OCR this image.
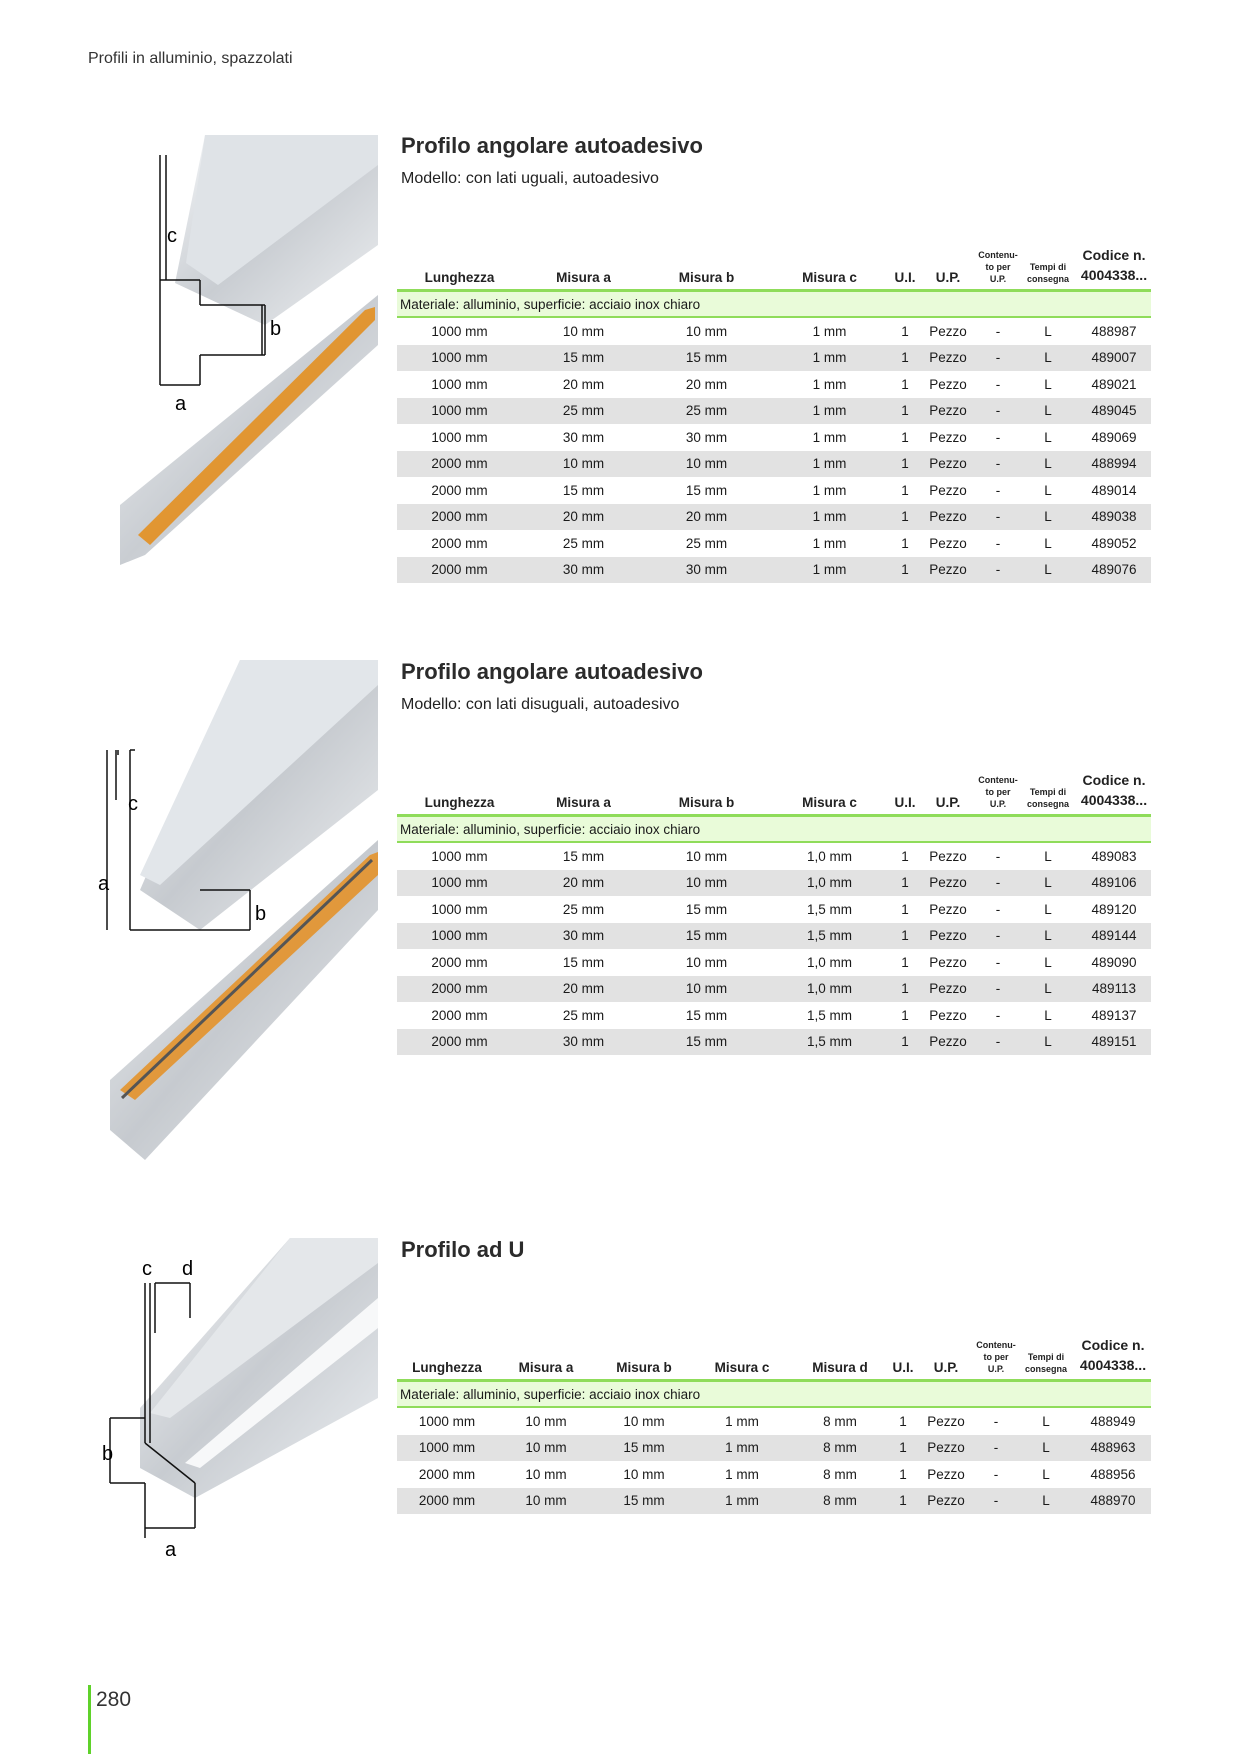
Profili in alluminio, spazzolati
c
b
a
Profilo angolare autoadesivo
Modello: con lati uguali, autoadesivo
Lunghezza	Misura a	Misura b	Misura c	U.I.	U.P.	Contenu-
to per
U.P.	Tempi di
consegna	Codice n.
4004338...
Materiale: alluminio, superficie: acciaio inox chiaro								
1000 mm	10 mm	10 mm	1 mm	1	Pezzo	-	L	488987
1000 mm	15 mm	15 mm	1 mm	1	Pezzo	-	L	489007
1000 mm	20 mm	20 mm	1 mm	1	Pezzo	-	L	489021
1000 mm	25 mm	25 mm	1 mm	1	Pezzo	-	L	489045
1000 mm	30 mm	30 mm	1 mm	1	Pezzo	-	L	489069
2000 mm	10 mm	10 mm	1 mm	1	Pezzo	-	L	488994
2000 mm	15 mm	15 mm	1 mm	1	Pezzo	-	L	489014
2000 mm	20 mm	20 mm	1 mm	1	Pezzo	-	L	489038
2000 mm	25 mm	25 mm	1 mm	1	Pezzo	-	L	489052
2000 mm	30 mm	30 mm	1 mm	1	Pezzo	-	L	489076
c
a
b
Profilo angolare autoadesivo
Modello: con lati disuguali, autoadesivo
Lunghezza	Misura a	Misura b	Misura c	U.I.	U.P.	Contenu-
to per
U.P.	Tempi di
consegna	Codice n.
4004338...
Materiale: alluminio, superficie: acciaio inox chiaro								
1000 mm	15 mm	10 mm	1,0 mm	1	Pezzo	-	L	489083
1000 mm	20 mm	10 mm	1,0 mm	1	Pezzo	-	L	489106
1000 mm	25 mm	15 mm	1,5 mm	1	Pezzo	-	L	489120
1000 mm	30 mm	15 mm	1,5 mm	1	Pezzo	-	L	489144
2000 mm	15 mm	10 mm	1,0 mm	1	Pezzo	-	L	489090
2000 mm	20 mm	10 mm	1,0 mm	1	Pezzo	-	L	489113
2000 mm	25 mm	15 mm	1,5 mm	1	Pezzo	-	L	489137
2000 mm	30 mm	15 mm	1,5 mm	1	Pezzo	-	L	489151
c d
b
a
Profilo ad U
Lunghezza	Misura a	Misura b	Misura c	Misura d	U.I.	U.P.	Contenu-
to per
U.P.	Tempi di
consegna	Codice n.
4004338...
Materiale: alluminio, superficie: acciaio inox chiaro									
1000 mm	10 mm	10 mm	1 mm	8 mm	1	Pezzo	-	L	488949
1000 mm	10 mm	15 mm	1 mm	8 mm	1	Pezzo	-	L	488963
2000 mm	10 mm	10 mm	1 mm	8 mm	1	Pezzo	-	L	488956
2000 mm	10 mm	15 mm	1 mm	8 mm	1	Pezzo	-	L	488970
280
